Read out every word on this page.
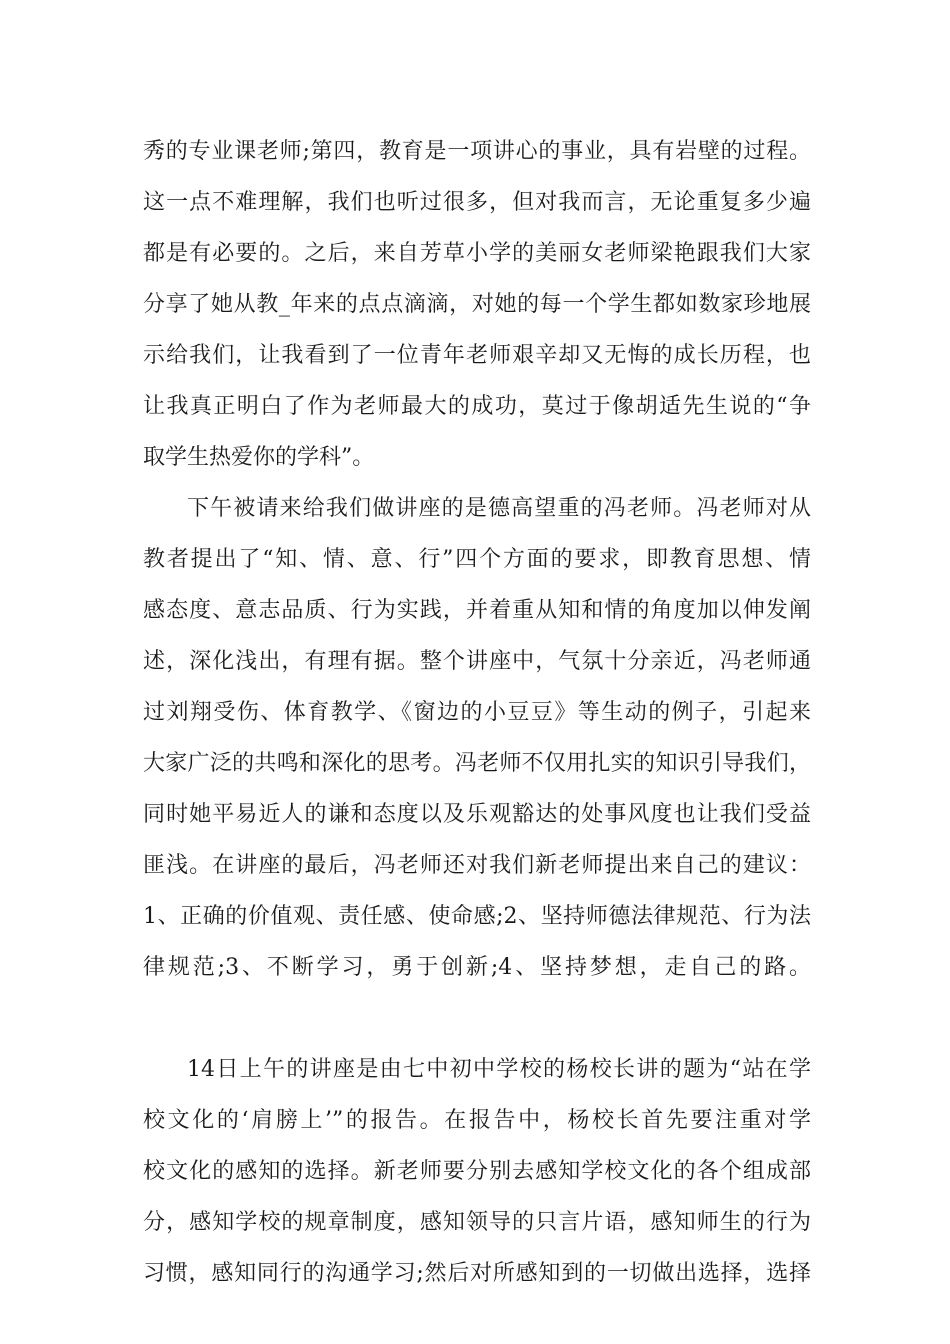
秀的专业课老师;第四，教育是一项讲心的事业，具有岩壁的过程。
这一点不难理解，我们也听过很多，但对我而言，无论重复多少遍
都是有必要的。之后，来自芳草小学的美丽女老师梁艳跟我们大家
分享了她从教_年来的点点滴滴，对她的每一个学生都如数家珍地展
示给我们，让我看到了一位青年老师艰辛却又无悔的成长历程，也
让我真正明白了作为老师最大的成功，莫过于像胡适先生说的“争
取学生热爱你的学科”。
下午被请来给我们做讲座的是德高望重的冯老师。冯老师对从
教者提出了“知、情、意、行”四个方面的要求，即教育思想、情
感态度、意志品质、行为实践，并着重从知和情的角度加以伸发阐
述，深化浅出，有理有据。整个讲座中，气氛十分亲近，冯老师通
过刘翔受伤、体育教学、《窗边的小豆豆》等生动的例子，引起来
大家广泛的共鸣和深化的思考。冯老师不仅用扎实的知识引导我们，
同时她平易近人的谦和态度以及乐观豁达的处事风度也让我们受益
匪浅。在讲座的最后，冯老师还对我们新老师提出来自己的建议：
1、正确的价值观、责任感、使命感;2、坚持师德法律规范、行为法
律规范;3、不断学习，勇于创新;4、坚持梦想，走自己的路。
14日上午的讲座是由七中初中学校的杨校长讲的题为“站在学
校文化的‘肩膀上’”的报告。在报告中，杨校长首先要注重对学
校文化的感知的选择。新老师要分别去感知学校文化的各个组成部
分，感知学校的规章制度，感知领导的只言片语，感知师生的行为
习惯，感知同行的沟通学习;然后对所感知到的一切做出选择，选择
